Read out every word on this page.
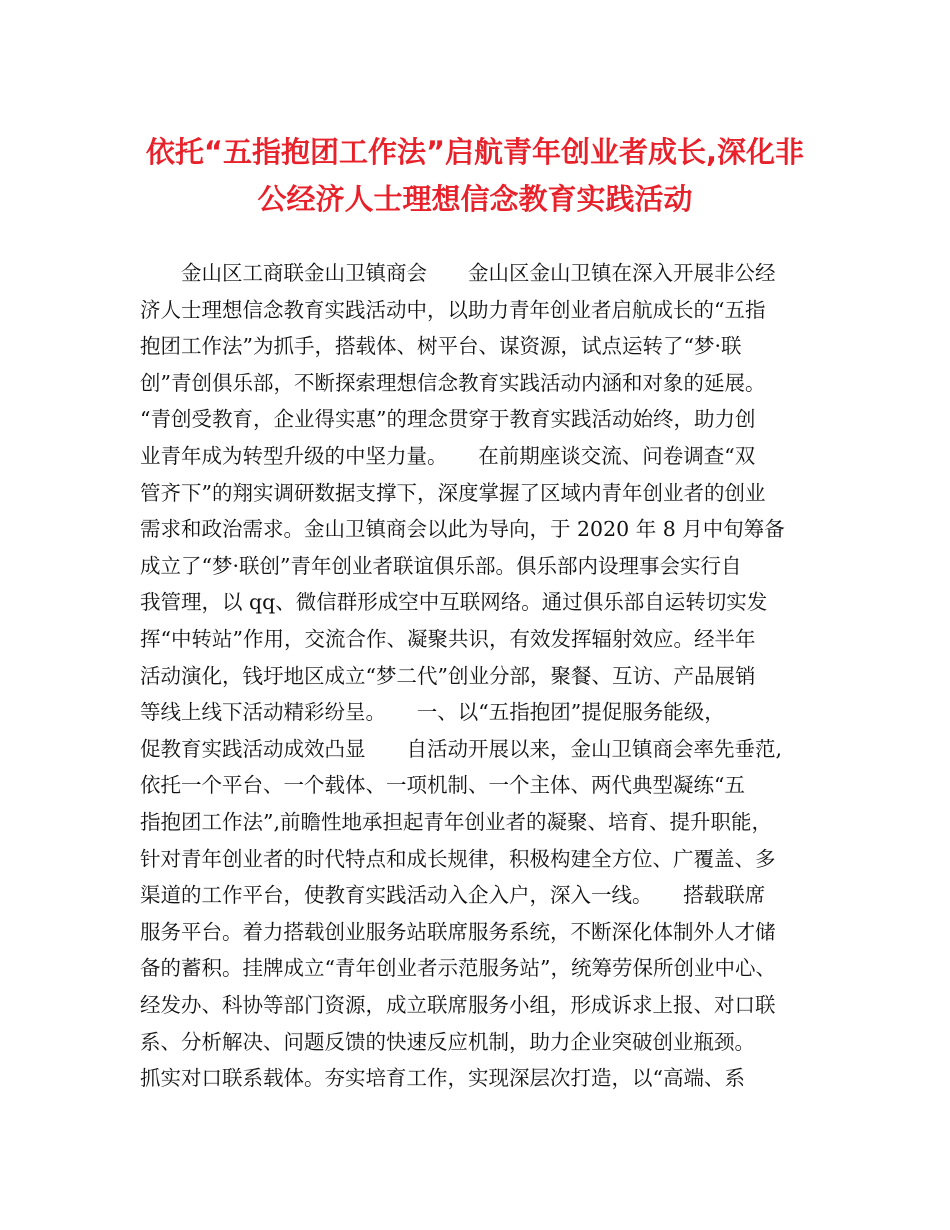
依托“五指抱团工作法”启航青年创业者成长,深化非
公经济人士理想信念教育实践活动

　　金山区工商联金山卫镇商会　　金山区金山卫镇在深入开展非公经

济人士理想信念教育实践活动中，以助力青年创业者启航成长的“五指

抱团工作法”为抓手，搭载体、树平台、谋资源，试点运转了“梦·联

创”青创俱乐部，不断探索理想信念教育实践活动内涵和对象的延展。

“青创受教育，企业得实惠”的理念贯穿于教育实践活动始终，助力创

业青年成为转型升级的中坚力量。　　在前期座谈交流、问卷调查“双

管齐下”的翔实调研数据支撑下，深度掌握了区域内青年创业者的创业

需求和政治需求。金山卫镇商会以此为导向，于 2020 年 8 月中旬筹备

成立了“梦·联创”青年创业者联谊俱乐部。俱乐部内设理事会实行自

我管理，以 qq、微信群形成空中互联网络。通过俱乐部自运转切实发

挥“中转站”作用，交流合作、凝聚共识，有效发挥辐射效应。经半年

活动演化，钱圩地区成立“梦二代”创业分部，聚餐、互访、产品展销

等线上线下活动精彩纷呈。　　一、以“五指抱团”提促服务能级，

促教育实践活动成效凸显　　自活动开展以来，金山卫镇商会率先垂范,

依托一个平台、一个载体、一项机制、一个主体、两代典型凝练“五

指抱团工作法”,前瞻性地承担起青年创业者的凝聚、培育、提升职能，

针对青年创业者的时代特点和成长规律，积极构建全方位、广覆盖、多

渠道的工作平台，使教育实践活动入企入户，深入一线。　　搭载联席

服务平台。着力搭载创业服务站联席服务系统，不断深化体制外人才储

备的蓄积。挂牌成立“青年创业者示范服务站”，统筹劳保所创业中心、

经发办、科协等部门资源，成立联席服务小组，形成诉求上报、对口联

系、分析解决、问题反馈的快速反应机制，助力企业突破创业瓶颈。

抓实对口联系载体。夯实培育工作，实现深层次打造，以“高端、系
